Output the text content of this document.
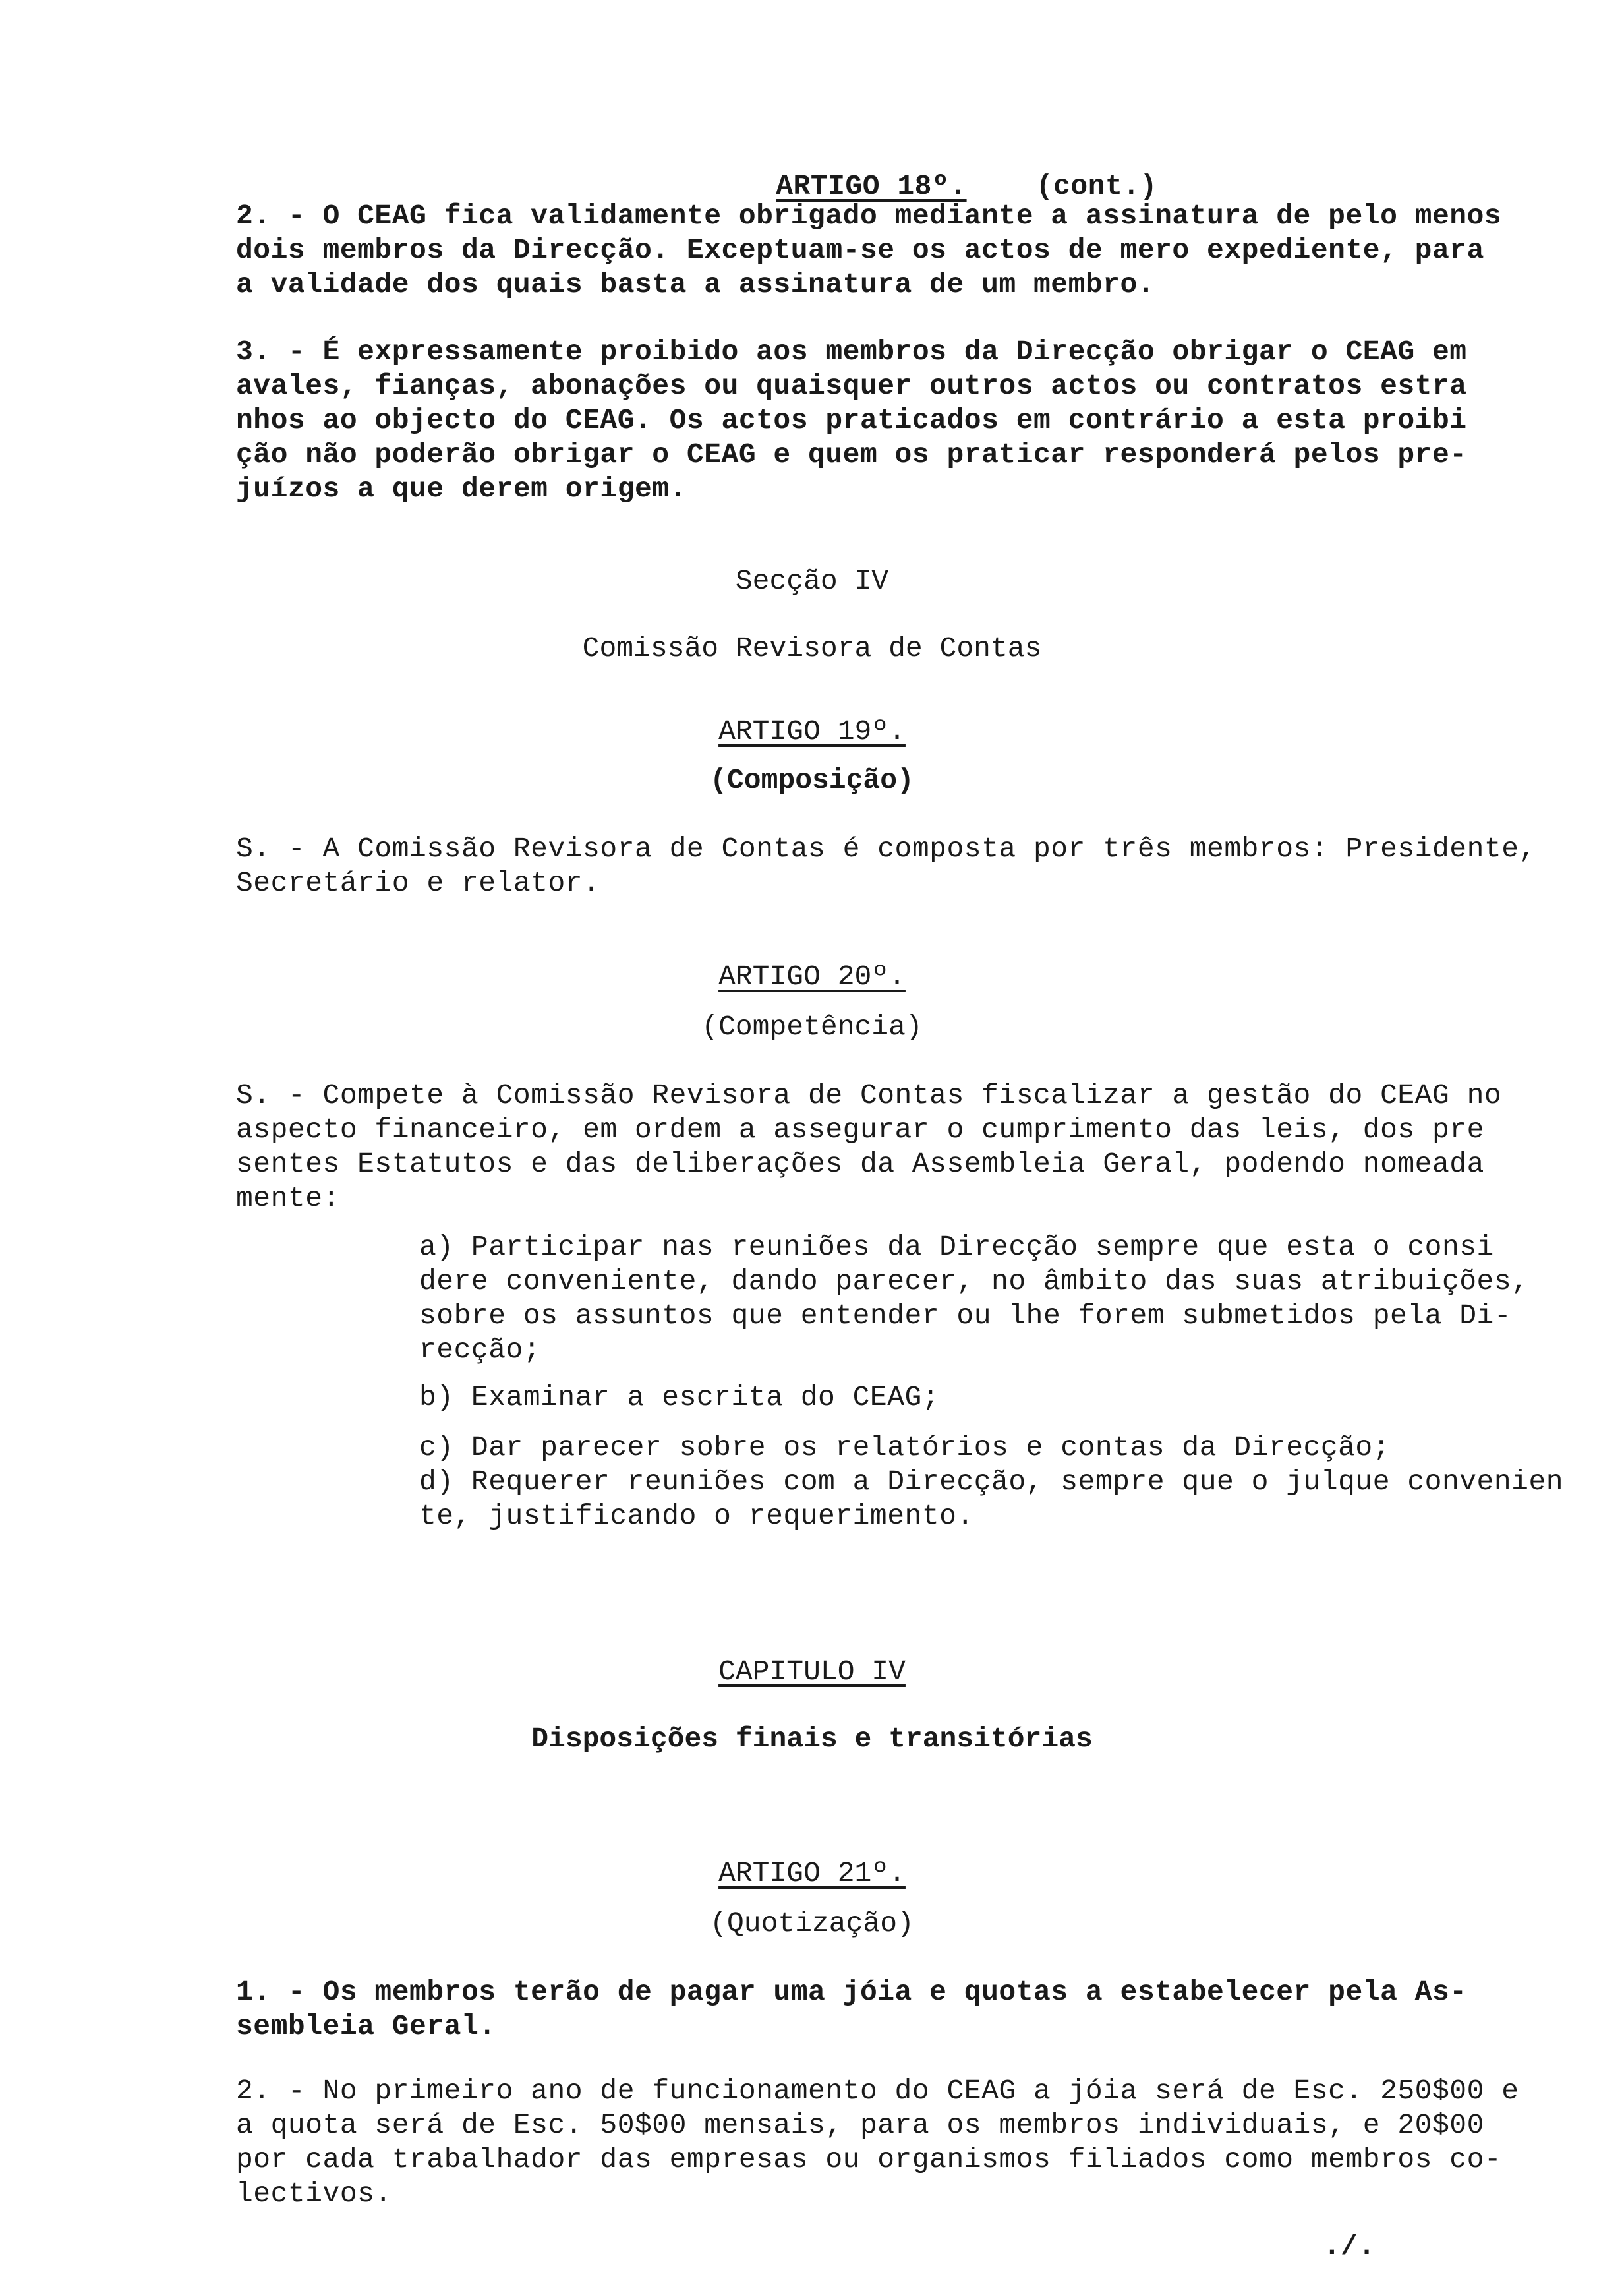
ARTIGO 18º. (cont.)

2. - O CEAG fica validamente obrigado mediante a assinatura de pelo menos
dois membros da Direcção. Exceptuam-se os actos de mero expediente, para
a validade dos quais basta a assinatura de um membro.
3. - É expressamente proibido aos membros da Direcção obrigar o CEAG em
avales, fianças, abonações ou quaisquer outros actos ou contratos estra
nhos ao objecto do CEAG. Os actos praticados em contrário a esta proibi
ção não poderão obrigar o CEAG e quem os praticar responderá pelos pre-
juízos a que derem origem.
Secção IV
Comissão Revisora de Contas
ARTIGO 19º.
(Composição)
S. - A Comissão Revisora de Contas é composta por três membros: Presidente,
Secretário e relator.
ARTIGO 20º.
(Competência)
S. - Compete à Comissão Revisora de Contas fiscalizar a gestão do CEAG no
aspecto financeiro, em ordem a assegurar o cumprimento das leis, dos pre
sentes Estatutos e das deliberações da Assembleia Geral, podendo nomeada
mente:
a) Participar nas reuniões da Direcção sempre que esta o consi
dere conveniente, dando parecer, no âmbito das suas atribuições,
sobre os assuntos que entender ou lhe forem submetidos pela Di-
recção;
b) Examinar a escrita do CEAG;
c) Dar parecer sobre os relatórios e contas da Direcção;
d) Requerer reuniões com a Direcção, sempre que o julque convenien
te, justificando o requerimento.
CAPITULO IV
Disposições finais e transitórias
ARTIGO 21º.
(Quotização)
1. - Os membros terão de pagar uma jóia e quotas a estabelecer pela As-
sembleia Geral.
2. - No primeiro ano de funcionamento do CEAG a jóia será de Esc. 250$00 e
a quota será de Esc. 50$00 mensais, para os membros individuais, e 20$00
por cada trabalhador das empresas ou organismos filiados como membros co-
lectivos.
./.
